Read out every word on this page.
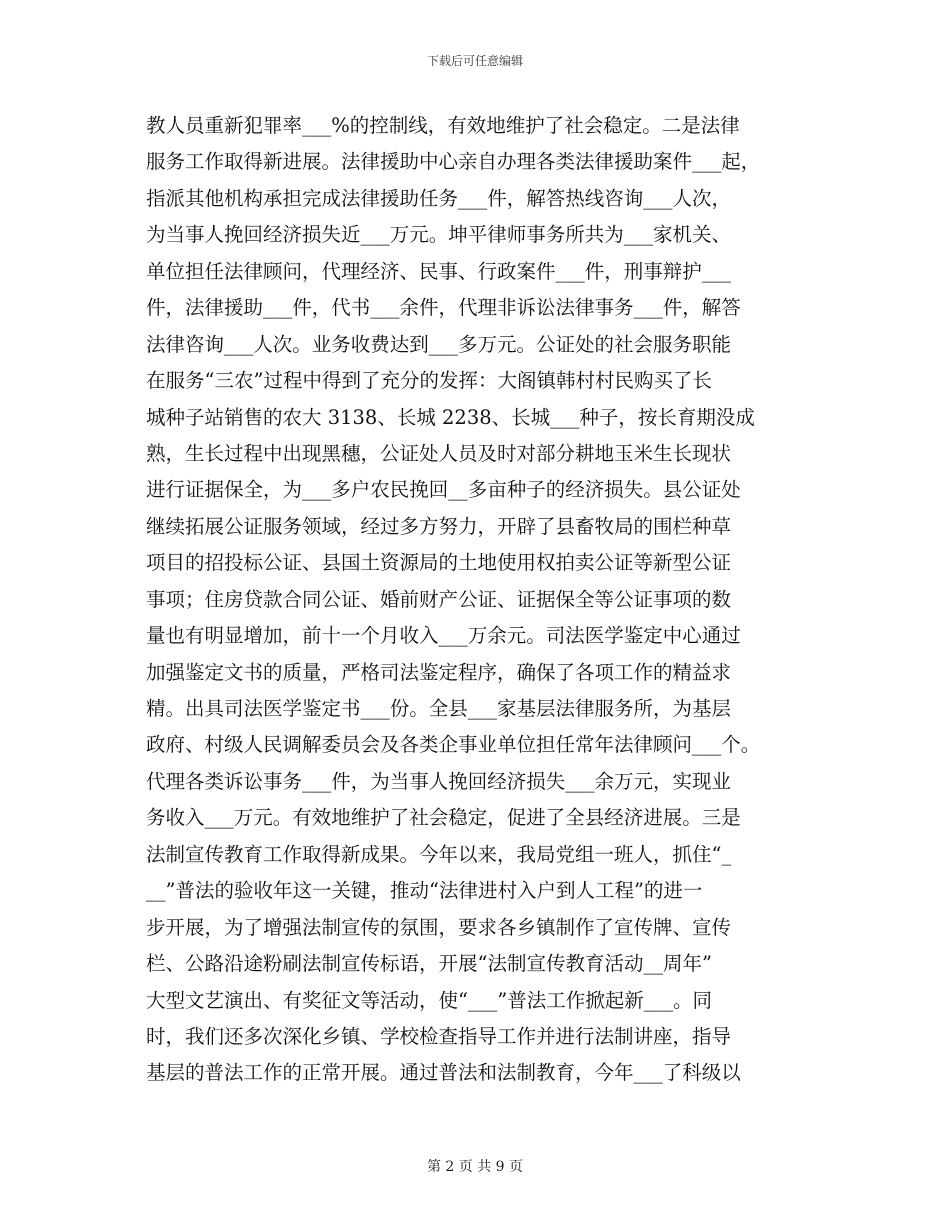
下载后可任意编辑
教人员重新犯罪率___%的控制线，有效地维护了社会稳定。二是法律
服务工作取得新进展。法律援助中心亲自办理各类法律援助案件___起，
指派其他机构承担完成法律援助任务___件，解答热线咨询___人次，
为当事人挽回经济损失近___万元。坤平律师事务所共为___家机关、
单位担任法律顾问，代理经济、民事、行政案件___件，刑事辩护___
件，法律援助___件，代书___余件，代理非诉讼法律事务___件，解答
法律咨询___人次。业务收费达到___多万元。公证处的社会服务职能
在服务“三农”过程中得到了充分的发挥：大阁镇韩村村民购买了长
城种子站销售的农大 3138、长城 2238、长城___种子，按长育期没成
熟，生长过程中出现黑穗，公证处人员及时对部分耕地玉米生长现状
进行证据保全，为___多户农民挽回__多亩种子的经济损失。县公证处
继续拓展公证服务领域，经过多方努力，开辟了县畜牧局的围栏种草
项目的招投标公证、县国土资源局的土地使用权拍卖公证等新型公证
事项；住房贷款合同公证、婚前财产公证、证据保全等公证事项的数
量也有明显增加，前十一个月收入___万余元。司法医学鉴定中心通过
加强鉴定文书的质量，严格司法鉴定程序，确保了各项工作的精益求
精。出具司法医学鉴定书___份。全县___家基层法律服务所，为基层
政府、村级人民调解委员会及各类企事业单位担任常年法律顾问___个。
代理各类诉讼事务___件，为当事人挽回经济损失___余万元，实现业
务收入___万元。有效地维护了社会稳定，促进了全县经济进展。三是
法制宣传教育工作取得新成果。今年以来，我局党组一班人，抓住“_
__”普法的验收年这一关键，推动“法律进村入户到人工程”的进一
步开展，为了增强法制宣传的氛围，要求各乡镇制作了宣传牌、宣传
栏、公路沿途粉刷法制宣传标语，开展“法制宣传教育活动__周年”
大型文艺演出、有奖征文等活动，使“___”普法工作掀起新___。同
时，我们还多次深化乡镇、学校检查指导工作并进行法制讲座，指导
基层的普法工作的正常开展。通过普法和法制教育，今年___了科级以
第 2 页 共 9 页
